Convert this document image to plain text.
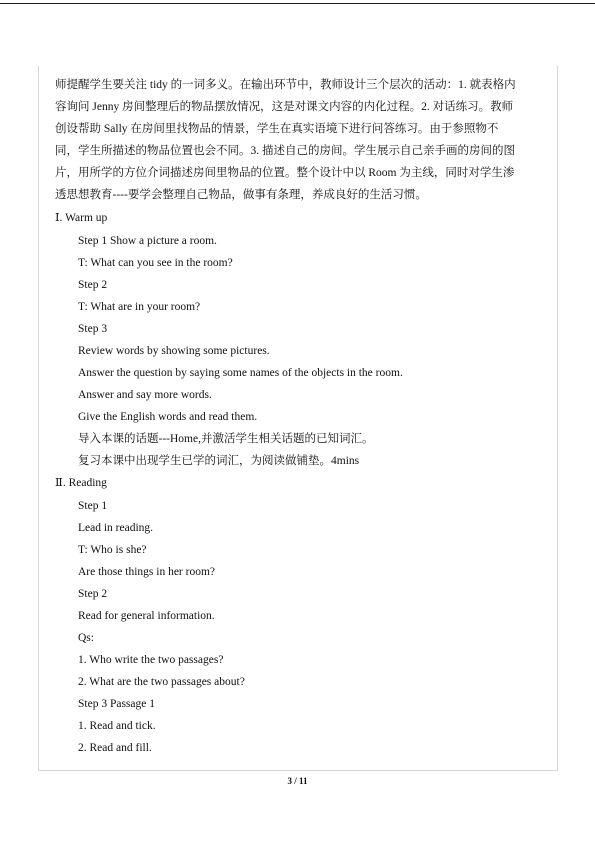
师提醒学生要关注 tidy 的一词多义。在输出环节中，教师设计三个层次的活动：1. 就表格内
容询问 Jenny 房间整理后的物品摆放情况，这是对课文内容的内化过程。2. 对话练习。教师
创设帮助 Sally 在房间里找物品的情景，学生在真实语境下进行问答练习。由于参照物不
同，学生所描述的物品位置也会不同。3. 描述自己的房间。学生展示自己亲手画的房间的图
片，用所学的方位介词描述房间里物品的位置。整个设计中以 Room 为主线，同时对学生渗
透思想教育----要学会整理自己物品，做事有条理，养成良好的生活习惯。
Ⅰ. Warm up
Step 1 Show a picture a room.
T: What can you see in the room?
Step 2
T: What are in your room?
Step 3
Review words by showing some pictures.
Answer the question by saying some names of the objects in the room.
Answer and say more words.
Give the English words and read them.
导入本课的话题---Home,并激活学生相关话题的已知词汇。
复习本课中出现学生已学的词汇，为阅读做铺垫。4mins
Ⅱ. Reading
Step 1
Lead in reading.
T: Who is she?
Are those things in her room?
Step 2
Read for general information.
Qs:
1. Who write the two passages?
2. What are the two passages about?
Step 3 Passage 1
1. Read and tick.
2. Read and fill.
3 / 11
